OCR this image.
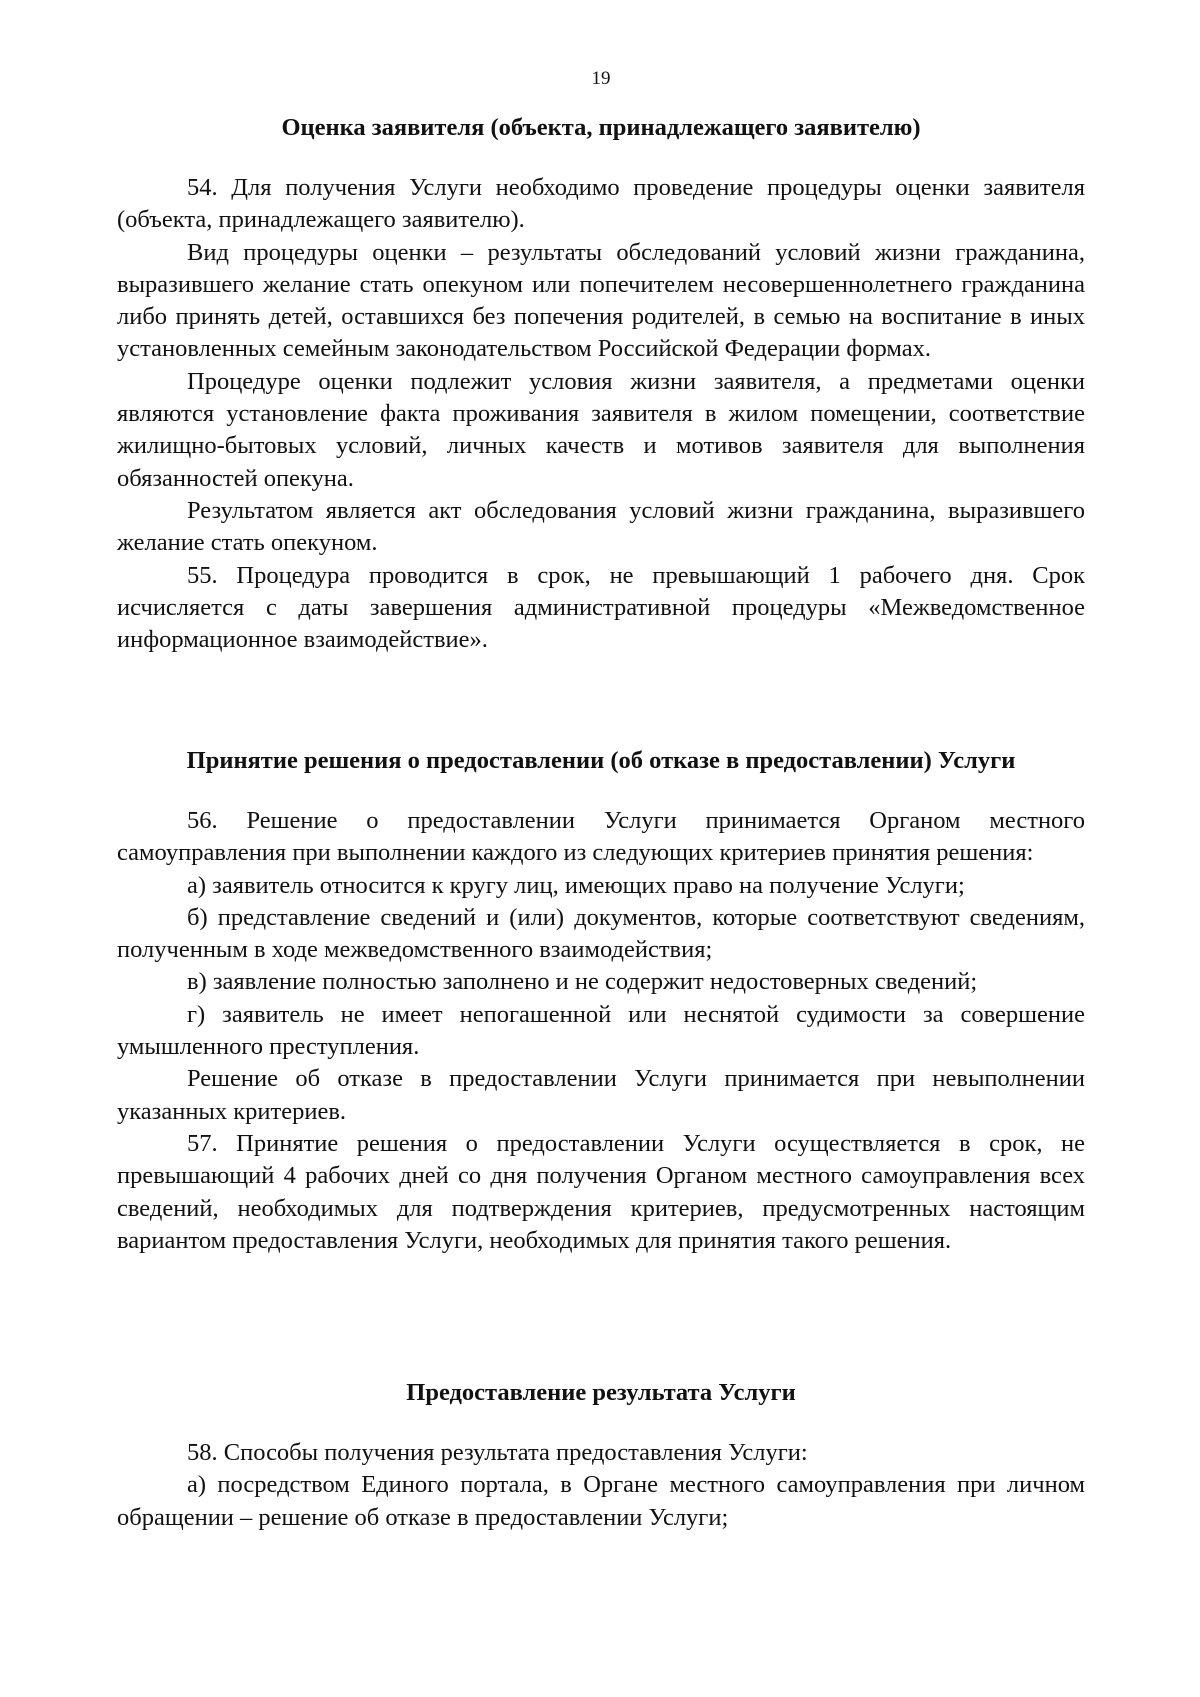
19

Оценка заявителя (объекта, принадлежащего заявителю)

54. Для получения Услуги необходимо проведение процедуры оценки заявителя (объекта, принадлежащего заявителю).

Вид процедуры оценки – результаты обследований условий жизни гражданина, выразившего желание стать опекуном или попечителем несовершеннолетнего гражданина либо принять детей, оставшихся без попечения родителей, в семью на воспитание в иных установленных семейным законодательством Российской Федерации формах.

Процедуре оценки подлежит условия жизни заявителя, а предметами оценки являются установление факта проживания заявителя в жилом помещении, соответствие жилищно-бытовых условий, личных качеств и мотивов заявителя для выполнения обязанностей опекуна.

Результатом является акт обследования условий жизни гражданина, выразившего желание стать опекуном.

55. Процедура проводится в срок, не превышающий 1 рабочего дня. Срок исчисляется с даты завершения административной процедуры «Межведомственное информационное взаимодействие».

Принятие решения о предоставлении (об отказе в предоставлении) Услуги

56. Решение о предоставлении Услуги принимается Органом местного самоуправления при выполнении каждого из следующих критериев принятия решения:

а) заявитель относится к кругу лиц, имеющих право на получение Услуги;

б) представление сведений и (или) документов, которые соответствуют сведениям, полученным в ходе межведомственного взаимодействия;

в) заявление полностью заполнено и не содержит недостоверных сведений;

г) заявитель не имеет непогашенной или неснятой судимости за совершение умышленного преступления.

Решение об отказе в предоставлении Услуги принимается при невыполнении указанных критериев.

57. Принятие решения о предоставлении Услуги осуществляется в срок, не превышающий 4 рабочих дней со дня получения Органом местного самоуправления всех сведений, необходимых для подтверждения критериев, предусмотренных настоящим вариантом предоставления Услуги, необходимых для принятия такого решения.

Предоставление результата Услуги

58. Способы получения результата предоставления Услуги:

а) посредством Единого портала, в Органе местного самоуправления при личном обращении – решение об отказе в предоставлении Услуги;
